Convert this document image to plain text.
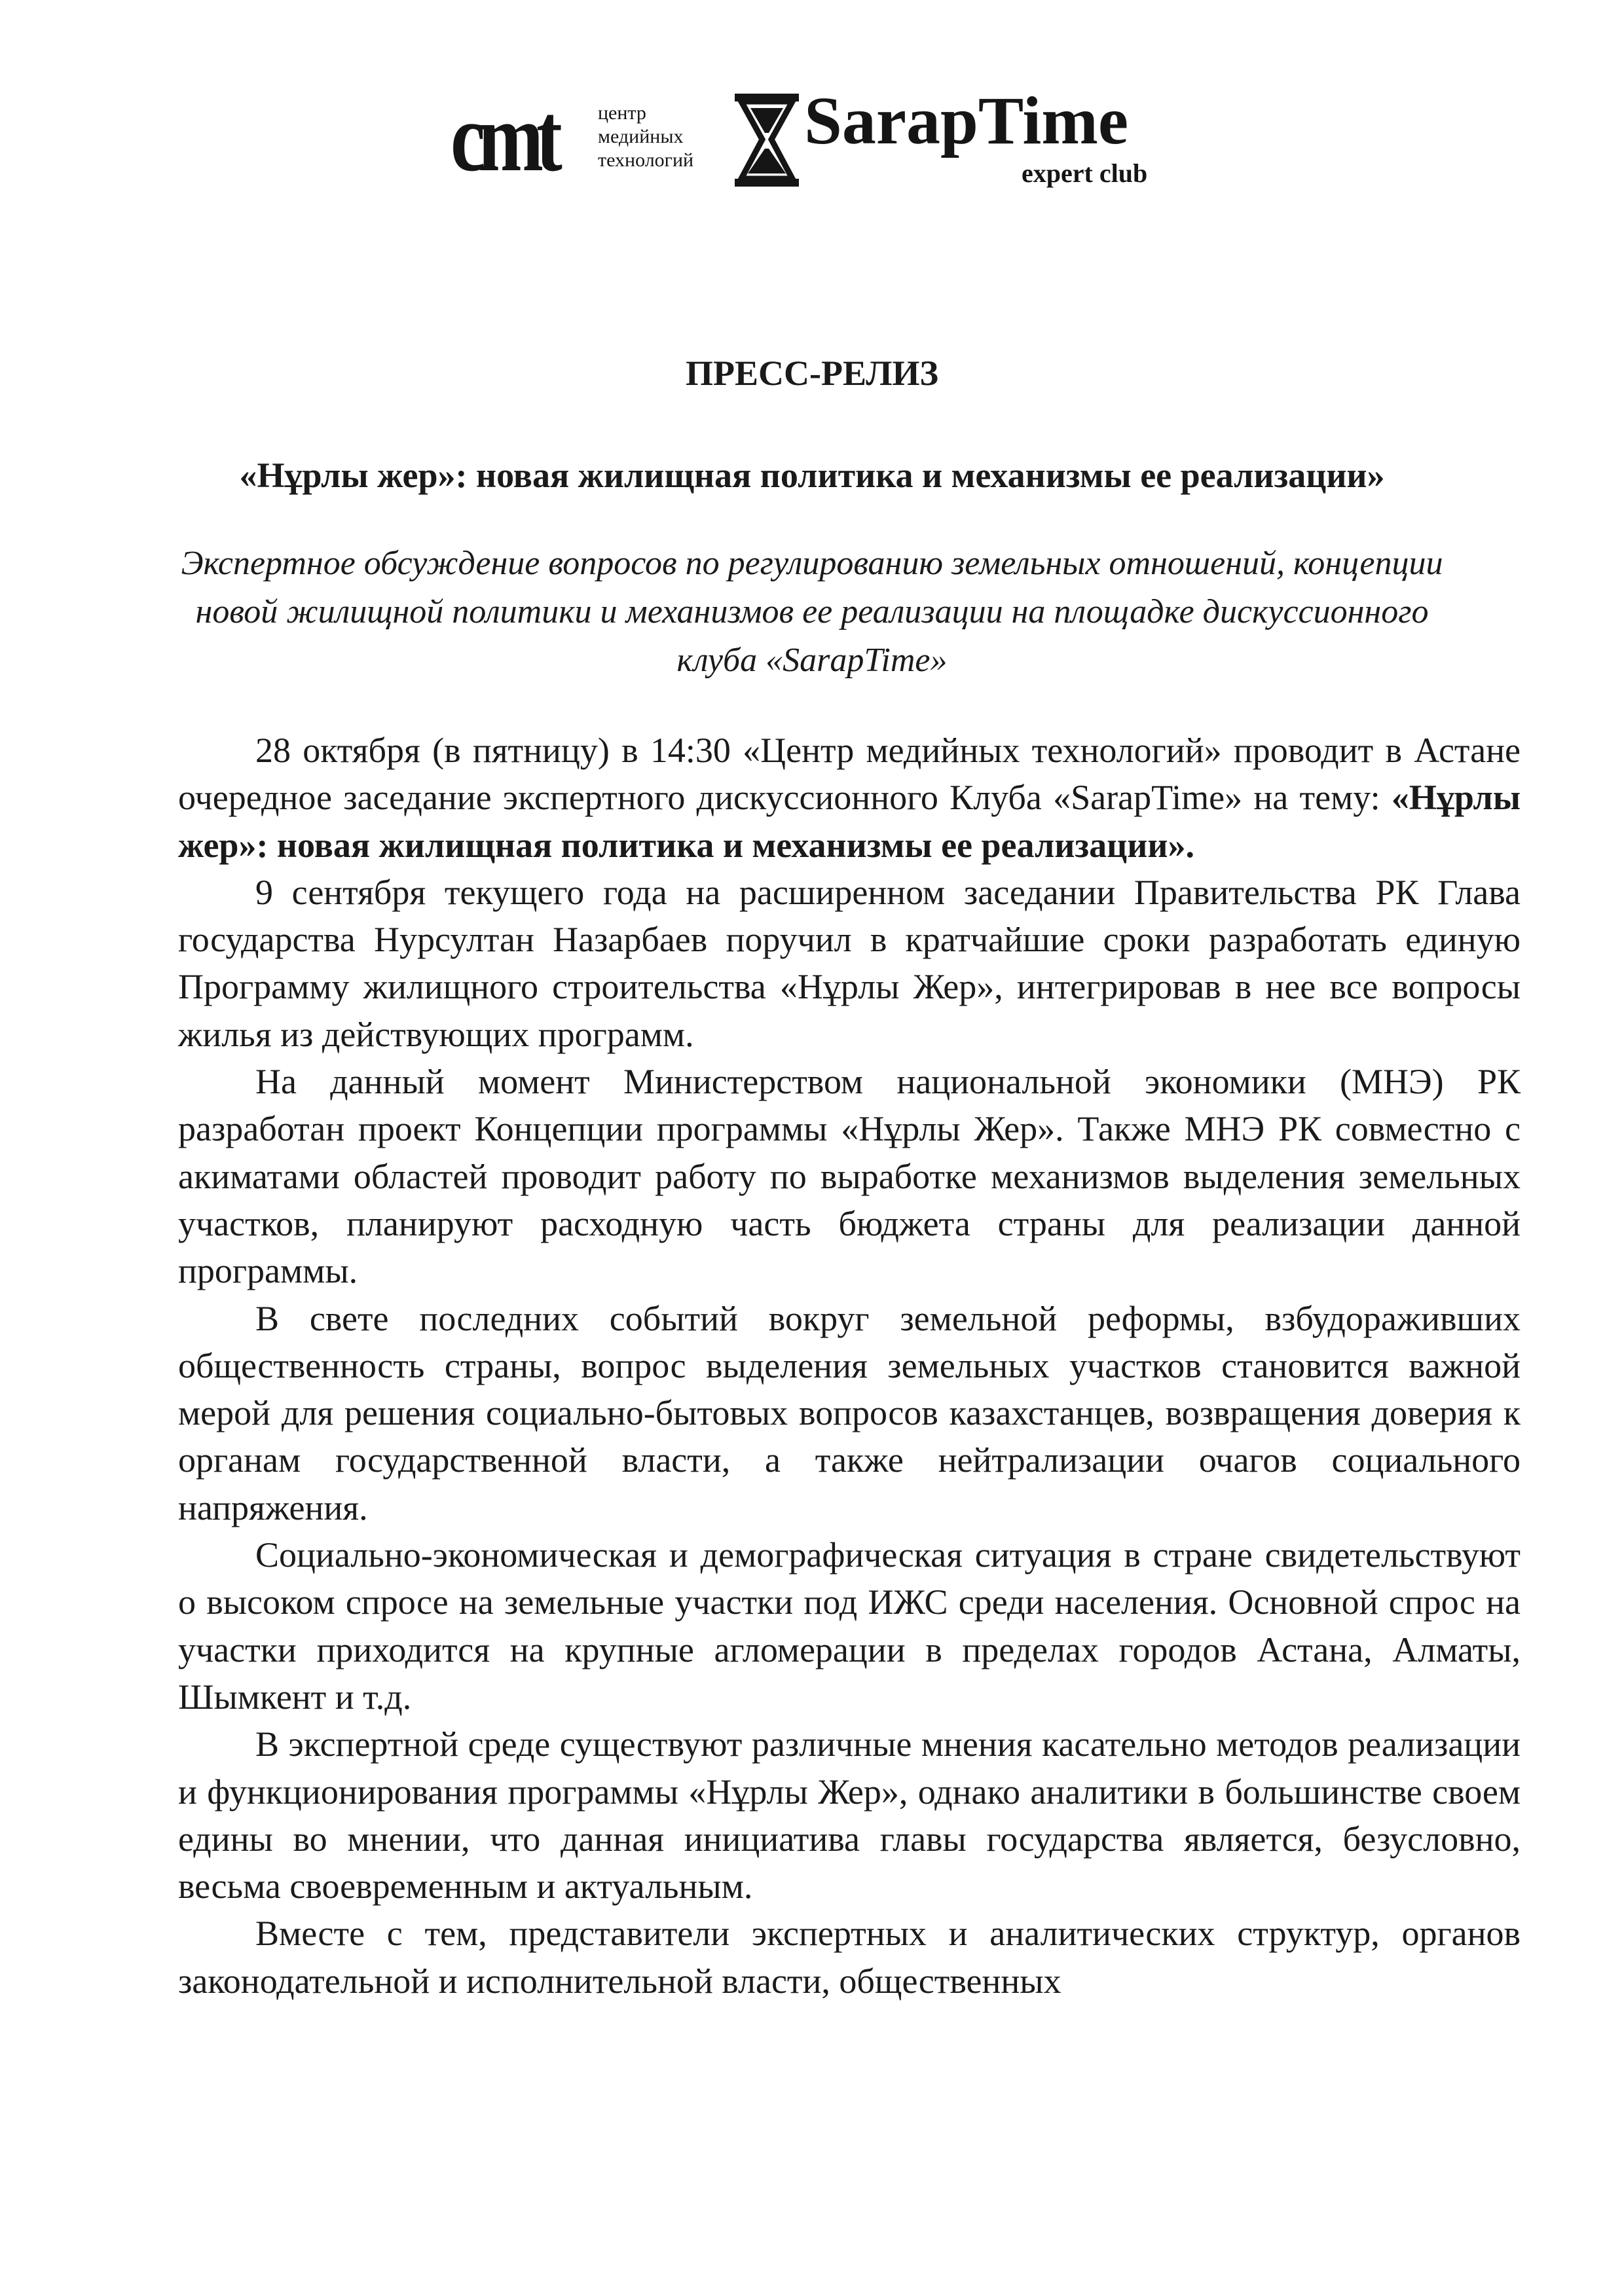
cmt центр
медийных
технологий
SarapTime
expert club
ПРЕСС-РЕЛИЗ
«Нұрлы жер»: новая жилищная политика и механизмы ее реализации»
Экспертное обсуждение вопросов по регулированию земельных отношений, концепции новой жилищной политики и механизмов ее реализации на площадке дискуссионного клуба «SarapTime»

28 октября (в пятницу) в 14:30 «Центр медийных технологий» проводит в Астане очередное заседание экспертного дискуссионного Клуба «SarapTime» на тему: «Нұрлы жер»: новая жилищная политика и механизмы ее реализации».

9 сентября текущего года на расширенном заседании Правительства РК Глава государства Нурсултан Назарбаев поручил в кратчайшие сроки разработать единую Программу жилищного строительства «Нұрлы Жер», интегрировав в нее все вопросы жилья из действующих программ.

На данный момент Министерством национальной экономики (МНЭ) РК разработан проект Концепции программы «Нұрлы Жер». Также МНЭ РК совместно с акиматами областей проводит работу по выработке механизмов выделения земельных участков, планируют расходную часть бюджета страны для реализации данной программы.

В свете последних событий вокруг земельной реформы, взбудораживших общественность страны, вопрос выделения земельных участков становится важной мерой для решения социально-бытовых вопросов казахстанцев, возвращения доверия к органам государственной власти, а также нейтрализации очагов социального напряжения.

Социально-экономическая и демографическая ситуация в стране свидетельствуют о высоком спросе на земельные участки под ИЖС среди населения. Основной спрос на участки приходится на крупные агломерации в пределах городов Астана, Алматы, Шымкент и т.д.

В экспертной среде существуют различные мнения касательно методов реализации и функционирования программы «Нұрлы Жер», однако аналитики в большинстве своем едины во мнении, что данная инициатива главы государства является, безусловно, весьма своевременным и актуальным.

Вместе с тем, представители экспертных и аналитических структур, органов законодательной и исполнительной власти, общественных
